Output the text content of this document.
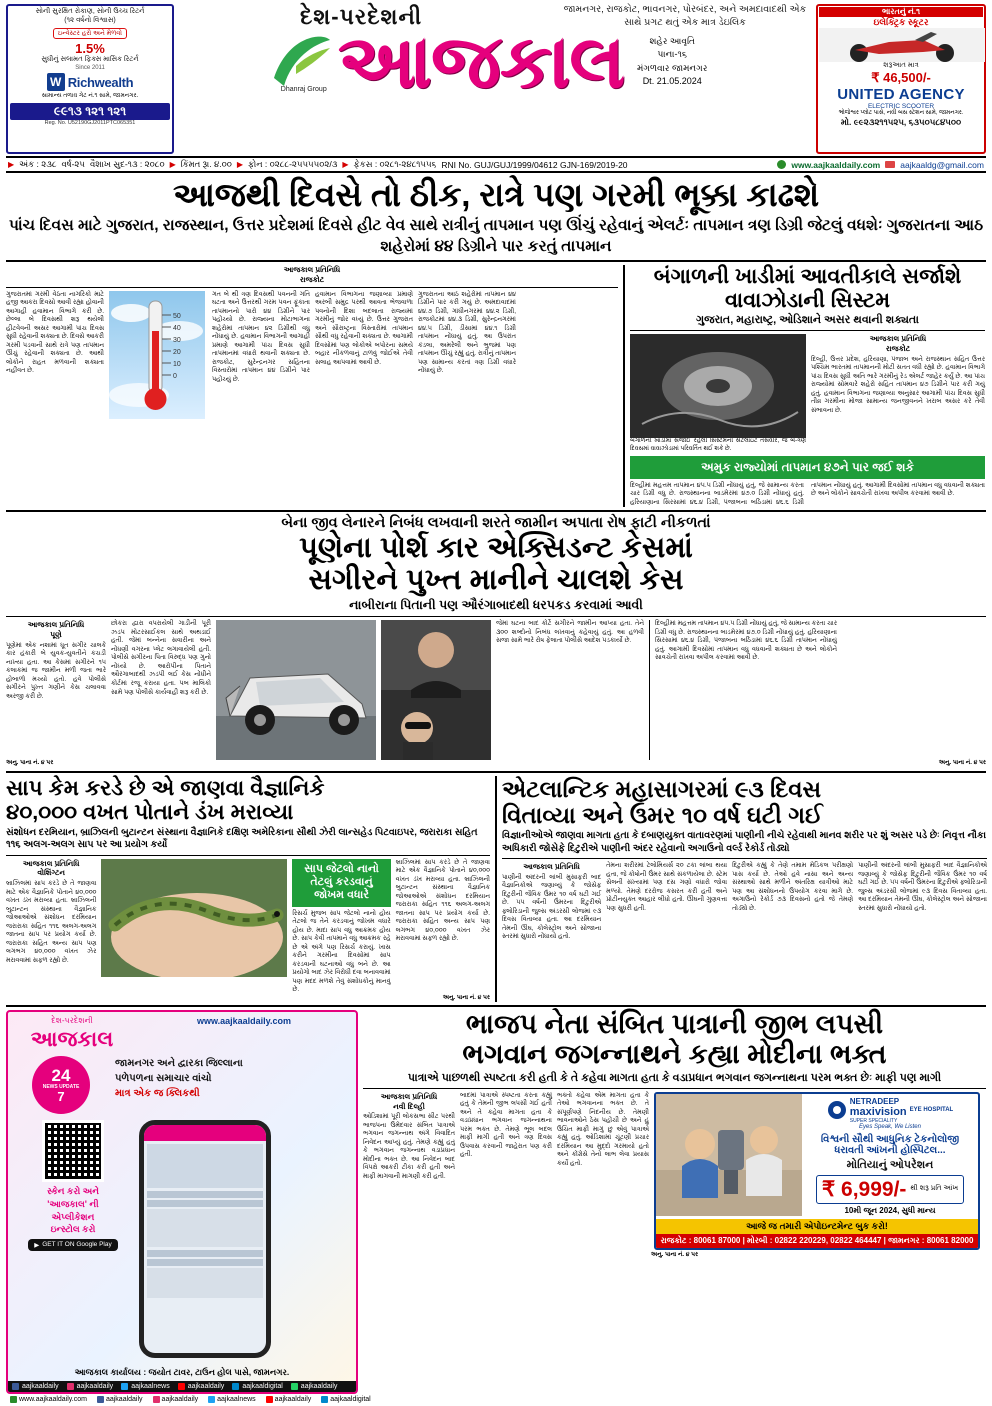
સોની સુરક્ષિત રોકાણ, સોની ઉચ્ચ રિટર્ન
(૧૨ વર્ષનો વિશ્વાસ)
ઇન્વેસ્ટર હરો અને મેળવો
1.5%
સુધીનું સલામત ફિક્સ માસિક રિટર્ન
Since 2011
W Richwealth
સામાન્ય તળાવ ગેટ નં.૧ સામે, જામનગર.
૯૯૧૩ ૧૨૧ ૧૨૧
Reg. No. U52190GJ2011PTC065351
દેશ-પરદેશની	જામનગર, રાજકોટ, ભાવનગર, પોરબંદર, અને અમદાવાદથી એક સાથે પ્રગટ થતું એક માત્ર ડેઇલિક
Dhanraj Group આજકાલ	શહેર આવૃતિ
પાના-૧૬
મંગળવાર જામનગર
Dt. 21.05.2024
ભારતનું નં.૧
ઇલેક્ટ્રિક સ્કૂટર
શરૂઆત માત્ર
₹ 46,500/-
UNITED AGENCY
ELECTRIC SCOOTER
ભોજેશ્વર પ્લોટ પાસે, નવી બસ સ્ટેશન સામે, જામનગર.
મો. ૯૯૨૩૨૧૧૫૨૫, ૬૩૫૦૫૮૪૫૦૦
▶ અંક : ૨૩૮ વર્ષ-૨૫ વૈશાખ સુદ-૧૩ : ૨૦૮૦ ▶ કિંમત રૂા. ૪.૦૦ ▶ ફોન : ૦૨૮૮-૨૫૫૫૫૦૨/૩ ▶ ફેકસ : ૦૨૮૧-૨૪૮૧૫૫૬ RNI No. GUJ/GUJ/1999/04612 GJN-169/2019-20	www.aajkaaldaily.com aajkaaldg@gmail.com
આજથી દિવસે તો ઠીક, રાત્રે પણ ગરમી ભૂક્કા કાઢશે
પાંચ દિવસ માટે ગુજરાત, રાજસ્થાન, ઉત્તર પ્રદેશમાં દિવસે હીટ વેવ સાથે રાત્રીનું તાપમાન પણ ઊંચું રહેવાનું એલર્ટઃ તાપમાન ત્રણ ડિગ્રી જેટલું વધશેઃ ગુજરાતના આઠ શહેરોમાં ૪૪ ડિગ્રીને પાર કરતું તાપમાન
આજકાલ પ્રતિનિધિ
રાજકોટ
ગુજરાતમાં ગરમી વેઠતા નાગરિકો માટે હજી આકરા દિવસો આવી રહ્યા હોવાની આગાહી હવામાન વિભાગે કરી છે. છેલ્લા બે દિવસથી શરૂ થયેલી હીટવેવની અસર આગામી પાંચ દિવસ સુધી રહેવાની શક્યતા છે. દિવસે આકરી ગરમી પડવાની સાથે રાત્રે પણ તાપમાન ઊંચું રહેવાની શક્યતા છે. આથી લોકોને રાહત મળવાની શક્યતા નહીંવત છે.
50
40
30
20
10
0
ગત બે થી ત્રણ દિવસથી પવનની ગતિ ઘટતા અને ઉત્તરથી ગરમ પવન ફૂંકાતા તાપમાનનો પારો ૪૪ ડિગ્રીને પાર પહોંચ્યો છે. રાજ્યના મોટાભાગના શહેરોમાં તાપમાન ૪૨ ડિગ્રીથી વધુ નોંધાયું છે. હવામાન વિભાગની આગાહી પ્રમાણે આગામી પાંચ દિવસ સુધી તાપમાનમાં વધારો થવાની શક્યતા છે. રાજકોટ, સુરેન્દ્રનગર સહિતના વિસ્તારોમાં તાપમાન ૪૪ ડિગ્રીને પાર પહોંચ્યું છે.
હવામાન વિભાગના જણાવ્યા પ્રમાણે અરબી સમુદ્ર પરથી આવતા ભેજવાળા પવનોની દિશા બદલાતા રાજ્યમાં ગરમીનું જોર વધ્યું છે. ઉત્તર ગુજરાત અને સૌરાષ્ટ્રના વિસ્તારોમાં તાપમાન સૌથી વધુ રહેવાની શક્યતા છે. આગામી દિવસોમાં પણ લોકોએ બપોરના સમયે બહાર નીકળવાનું ટાળવું જોઈએ તેવી સલાહ આપવામાં આવી છે.
ગુજરાતના આઠ શહેરોમાં તાપમાન ૪૪ ડિગ્રીને પાર કરી ગયું છે. અમદાવાદમાં ૪૪.૭ ડિગ્રી, ગાંધીનગરમાં ૪૪.૨ ડિગ્રી, રાજકોટમાં ૪૪.૩ ડિગ્રી, સુરેન્દ્રનગરમાં ૪૪.૫ ડિગ્રી, ડીસામાં ૪૪.૧ ડિગ્રી તાપમાન નોંધાયું હતું. આ ઉપરાંત કંડલા, અમરેલી અને ભુજમાં પણ તાપમાન ઊંચું રહ્યું હતું. રાત્રીનું તાપમાન પણ સામાન્ય કરતાં ત્રણ ડિગ્રી વધારે નોંધાયું છે.
બંગાળની ખાડીમાં આવતીકાલે સર્જાશે વાવાઝોડાની સિસ્ટમ
ગુજરાત, મહારાષ્ટ્ર, ઓડિશાને અસર થવાની શક્યતા
બંગાળની ખાડીમાં સર્જાઈ રહેલી સિસ્ટમની સેટેલાઇટ તસવીર, જે બે-ત્રણ દિવસમાં વાવાઝોડામાં પરિવર્તિત થઈ શકે છે.
આજકાલ પ્રતિનિધિ
રાજકોટ
દિલ્હી, ઉત્તર પ્રદેશ, હરિયાણા, પંજાબ અને રાજસ્થાન સહિત ઉત્તર પશ્ચિમ ભારતમાં તાપમાનની મોટી સતત વધી રહ્યો છે. હવામાન વિભાગે પાંચ દિવસ સુધી અતિ ભારે ગરમીનું રેડ એલર્ટ જાહેર કર્યું છે. આ પાંચ રાજ્યોમાં સોમવારે શહેરો સહિત તાપમાન ૪૭ ડિગ્રીને પાર કરી ગયું હતું. હવામાન વિભાગના જણાવ્યા અનુસાર આગામી પાંચ દિવસ સુધી તીવ્ર ગરમીના મોજા સામાન્ય જનજીવનને ખરાબ અસર કરે તેવી સંભાવના છે.
અમુક રાજ્યોમાં તાપમાન ૪૭ને પાર જઈ શકે
દિલ્હીમાં મહત્તમ તાપમાન ૪૫.૫ ડિગ્રી નોંધાયું હતું, જે સામાન્ય કરતા ચાર ડિગ્રી વધુ છે. રાજસ્થાનના બાડમેરમાં ૪૭.૦ ડિગ્રી નોંધાયું હતું. હરિયાણાના સિરસામાં ૪૬.૪ ડિગ્રી, પંજાબના બઠિંડામાં ૪૬.૬ ડિગ્રી તાપમાન નોંધાયું હતું. આગામી દિવસોમાં તાપમાન વધુ વધવાની શક્યતા છે અને લોકોને સાવચેતી રાખવા અપીલ કરવામાં આવી છે.
બેના જીવ લેનારને નિબંધ લખવાની શરતે જામીન અપાતા રોષ ફાટી નીકળતાં
પૂણેના પોર્શ કાર એક્સિડન્ટ કેસમાં
સગીરને પુખ્ત માનીને ચાલશે કેસ
નાબીરાના પિતાની પણ ઔરંગાબાદથી ધરપકડ કરવામાં આવી
આજકાલ પ્રતિનિધિ
પૂણે
પૂણેમાં એક નશામાં ધૂત સગીર ચાલકે કાર હંકારી બે યુવક-યુવતીને કચડી નાખ્યા હતા. આ કેસમાં સગીરને ૧૫ કલાકમાં જ જામીન મળી જતા ભારે હોબાળો મચ્યો હતો. હવે પોલીસે સગીરને પુખ્ત ગણીને કેસ ચલાવવા અરજી કરી છે.
છોકરા દ્વારા વપરાયેલી ગાડીની પૂરી ઝડપ મોટરસાઈકલ સાથે અથડાઈ હતી. જેમાં બન્નેના સવારીના અને નોંધણી વગરના પ્લેટ લગાવાયેલી હતી. પોલીસે સગીરના પિતા વિરુદ્ધ પણ ગુનો નોંધ્યો છે. આરોપીના પિતાને ઔરંગાબાદથી ઝડપી લઈ કેસ નોંધીને કોર્ટમાં રજૂ કરાયા હતા. પબ માલિકો સામે પણ પોલીસે કાર્યવાહી શરૂ કરી છે.
જેમાં ઘટના બાદ કોર્ટે સગીરને જામીન આપ્યા હતા. તેને ૩૦૦ શબ્દોનો નિબંધ લખવાનું કહેવાયું હતું. આ હળવી સજા સામે ભારે રોષ ફેલાતા પોલીસે આદેશ પડકાર્યો છે.
દિલ્હીમાં મહત્તમ તાપમાન ૪૫.૫ ડિગ્રી નોંધાયું હતું, જે સામાન્ય કરતા ચાર ડિગ્રી વધુ છે. રાજસ્થાનના બાડમેરમાં ૪૭.૦ ડિગ્રી નોંધાયું હતું. હરિયાણાના સિરસામાં ૪૬.૪ ડિગ્રી, પંજાબના બઠિંડામાં ૪૬.૬ ડિગ્રી તાપમાન નોંધાયું હતું. આગામી દિવસોમાં તાપમાન વધુ વધવાની શક્યતા છે અને લોકોને સાવચેતી રાખવા અપીલ કરવામાં આવી છે.
અનુ. પાના નં. ૪ પર	અનુ. પાના નં. ૪ પર
સાપ કેમ કરડે છે એ જાણવા વૈજ્ઞાનિકે
૪૦,૦૦૦ વખત પોતાને ડંખ મરાવ્યા
સંશોધન દરમિયાન, બ્રાઝિલની બુટાન્ટન સંસ્થાના વૈજ્ઞાનિકે દક્ષિણ અમેરિકાના સૌથી ઝેરી લાન્સહેડ પિટવાઇપર, જરારાકા સહિત ૧૧૬ અલગ-અલગ સાપ પર આ પ્રયોગ કર્યો
આજકાલ પ્રતિનિધિ
વોશિંગ્ટન
બ્રાઝિલમાં સાપ કરડે છે તે જાણવા માટે એક વૈજ્ઞાનિકે પોતાને ૪૦,૦૦૦ વખત ડંખ મરાવ્યા હતા. બ્રાઝિલની બુટાન્ટન સંસ્થાના વૈજ્ઞાનિક જોઆઓએ સંશોધન દરમિયાન જરારાકા સહિત ૧૧૬ અલગ-અલગ જાતના સાપ પર પ્રયોગ કર્યા છે. જરારાકા સહિત અન્ય સાપ પણ લગભગ ૪૦,૦૦૦ વખત ઝેર મરાવવામાં સફળ રહ્યો છે.
સાપ જેટલો નાનો તેટલું કરડવાનું જોખમ વધારે
રિસર્ચ મુજબ સાપ જેટલો નાનો હોય તેટલો જ તેને કરડવાનું જોખમ વધારે હોય છે. માદા સાપ વધુ આક્રમક હોય છે. સાપ કેવી તાપમાને વધુ આક્રમક રહે છે એ અંગે પણ રિસર્ચ કરાયું. ખાસ કરીને ગરમીના દિવસોમાં સાપ કરડવાની ઘટનાઓ વધુ બને છે. આ પ્રયોગો બાદ ઝેર વિરોધી દવા બનાવવામાં પણ મદદ મળશે તેવું સંશોધકોનું માનવું છે.
બ્રાઝિલમાં સાપ કરડે છે તે જાણવા માટે એક વૈજ્ઞાનિકે પોતાને ૪૦,૦૦૦ વખત ડંખ મરાવ્યા હતા. બ્રાઝિલની બુટાન્ટન સંસ્થાના વૈજ્ઞાનિક જોઆઓએ સંશોધન દરમિયાન જરારાકા સહિત ૧૧૬ અલગ-અલગ જાતના સાપ પર પ્રયોગ કર્યા છે. જરારાકા સહિત અન્ય સાપ પણ લગભગ ૪૦,૦૦૦ વખત ઝેર મરાવવામાં સફળ રહ્યો છે.
અનુ. પાના નં. ૪ પર
એટલાન્ટિક મહાસાગરમાં ૯૩ દિવસ
વિતાવ્યા અને ઉંમર ૧૦ વર્ષ ઘટી ગઈ
વિજ્ઞાનીઓએ જાણવા માગતા હતા કે દબાણયુક્ત વાતાવરણમાં પાણીની નીચે રહેવાથી માનવ શરીર પર શું અસર પડે છેઃ નિવૃત્ત નૌકા અધિકારી જોસેફે દિટુરીએ પાણીની અંદર રહેવાનો અગાઉનો વર્લ્ડ રેકોર્ડ તોડ્યો
આજકાલ પ્રતિનિધિ
પાણીની અંદરની લાંબી મુસાફરી બાદ વૈજ્ઞાનિકોએ જણાવ્યું કે જોસેફ દિટુરીની જૈવિક ઉંમર ૧૦ વર્ષ ઘટી ગઈ છે. ૫૫ વર્ષની ઉંમરના દિટુરીએ ફ્લોરિડાની જુલ્સ અંડરસી લોજમાં ૯૩ દિવસ વિતાવ્યા હતા. આ દરમિયાન તેમની ઊંઘ, કોલેસ્ટ્રોલ અને સોજાના સ્તરમાં સુધારો નોંધાયો હતો.
તેમના શરીરમાં ટેલોમિયર્સ ૨૦ ટકા લાંબા થયા હતા, જે કોષોની ઉંમર સાથે સંકળાયેલા છે. સ્ટેમ સેલની સંખ્યામાં પણ દસ ગણો વધારો જોવા મળ્યો. તેમણે દરરોજ કસરત કરી હતી અને પ્રોટીનયુક્ત આહાર લીધો હતો. ઊંઘની ગુણવત્તા પણ સુધરી હતી.
દિટુરીએ કહ્યું કે તેણે તમામ મેડિકલ પરીક્ષણો પાસ કર્યા છે. તેઓ હવે નાસા અને અન્ય સંસ્થાઓ સાથે મળીને અંતરિક્ષ યાત્રીઓ માટે પણ આ સંશોધનનો ઉપયોગ કરવા માગે છે. અગાઉનો રેકોર્ડ ૭૩ દિવસનો હતો જે તેમણે તોડ્યો છે.
પાણીની અંદરની લાંબી મુસાફરી બાદ વૈજ્ઞાનિકોએ જણાવ્યું કે જોસેફ દિટુરીની જૈવિક ઉંમર ૧૦ વર્ષ ઘટી ગઈ છે. ૫૫ વર્ષની ઉંમરના દિટુરીએ ફ્લોરિડાની જુલ્સ અંડરસી લોજમાં ૯૩ દિવસ વિતાવ્યા હતા. આ દરમિયાન તેમની ઊંઘ, કોલેસ્ટ્રોલ અને સોજાના સ્તરમાં સુધારો નોંધાયો હતો.
દેશ-પરદેશની
આજકાલ
www.aajkaaldaily.com
24
NEWS UPDATE
7
જામનગર અને દ્વારકા જિલ્લાના
પળેપળના સમાચાર વાંચો
માત્ર એક જ ક્લિકથી
સ્કેન કરો અને
'આજકાલ' ની
એપ્લીકેશન
ઇન્સ્ટોલ કરો
▶ GET IT ON Google Play
આજકાલ કાર્યાલય : જયોત ટાવર, ટાઉન હોલ પાસે, જામનગર.
aajkaaldaily	aajkaaldaily	aajkaalnews	aajkaaldaily	aajkaaldigital	aajkaaldaily
ભાજપ નેતા સંબિત પાત્રાની જીભ લપસી
ભગવાન જગન્નાથને કહ્યા મોદીના ભક્ત
પાત્રાએ પાછળથી સ્પષ્ટતા કરી હતી કે તે કહેવા માગતા હતા કે વડાપ્રધાન ભગવાન જગન્નાથના પરમ ભક્ત છેઃ માફી પણ માગી
આજકાલ પ્રતિનિધિ
નવી દિલ્હી
ઓડિશામાં પૂરી લોકસભા સીટ પરથી ભાજપના ઉમેદવાર સંબિત પાત્રાએ ભગવાન જગન્નાથ અંગે વિવાદિત નિવેદન આપ્યું હતું. તેમણે કહ્યું હતું કે ભગવાન જગન્નાથ વડાપ્રધાન મોદીના ભક્ત છે. આ નિવેદન બાદ વિપક્ષે આકરી ટીકા કરી હતી અને માફી માગવાની માગણી કરી હતી.
બાદમાં પાત્રાએ સ્પષ્ટતા કરતા કહ્યું હતું કે તેમની જીભ લપસી ગઈ હતી અને તે કહેવા માગતા હતા કે વડાપ્રધાન ભગવાન જગન્નાથના પરમ ભક્ત છે. તેમણે ભૂલ બદલ માફી માગી હતી અને ત્રણ દિવસ ઉપવાસ કરવાની જાહેરાત પણ કરી હતી.
ભક્તો કહેવા એમ માગતા હતા કે તેઓ ભગવાનના ભક્ત છે. તે સંપૂર્ણપણે નિંદનીય છે. તેમણી ભાવનાઓને ઠેસ પહોંચી છે અને હું ઉચિત માફી માગું છું એવું પાત્રાએ કહ્યું હતું. ઓડિશામાં ચૂંટણી પ્રચાર દરમિયાન આ મુદ્દો ગરમાયો હતો અને કોંગ્રેસે તેનો લાભ લેવા પ્રયાસ કર્યો હતો.
NETRADEEP
maxivision
SUPER SPECIALITY
EYE HOSPITAL
Eyes Speak, We Listen
વિશ્વની સૌથી આધુનિક ટેકનોલોજી
ધરાવતી આંખની હોસ્પિટલ...
મોતિયાનું ઓપરેશન
₹ 6,999/- થી શરૂ પ્રતિ આંખ
10મી જૂન 2024, સુધી માન્ય
આજે જ તમારી એપોઇન્ટમેન્ટ બુક કરો!
રાજકોટ : 80061 87000 | મોરબી : 02822 220229, 02822 464447 | જામનગર : 80061 82000
અનુ. પાના નં. ૪ પર
www.aajkaaldaily.com	aajkaaldaily	aajkaaldaily	aajkaalnews	aajkaaldaily	aajkaaldigital
